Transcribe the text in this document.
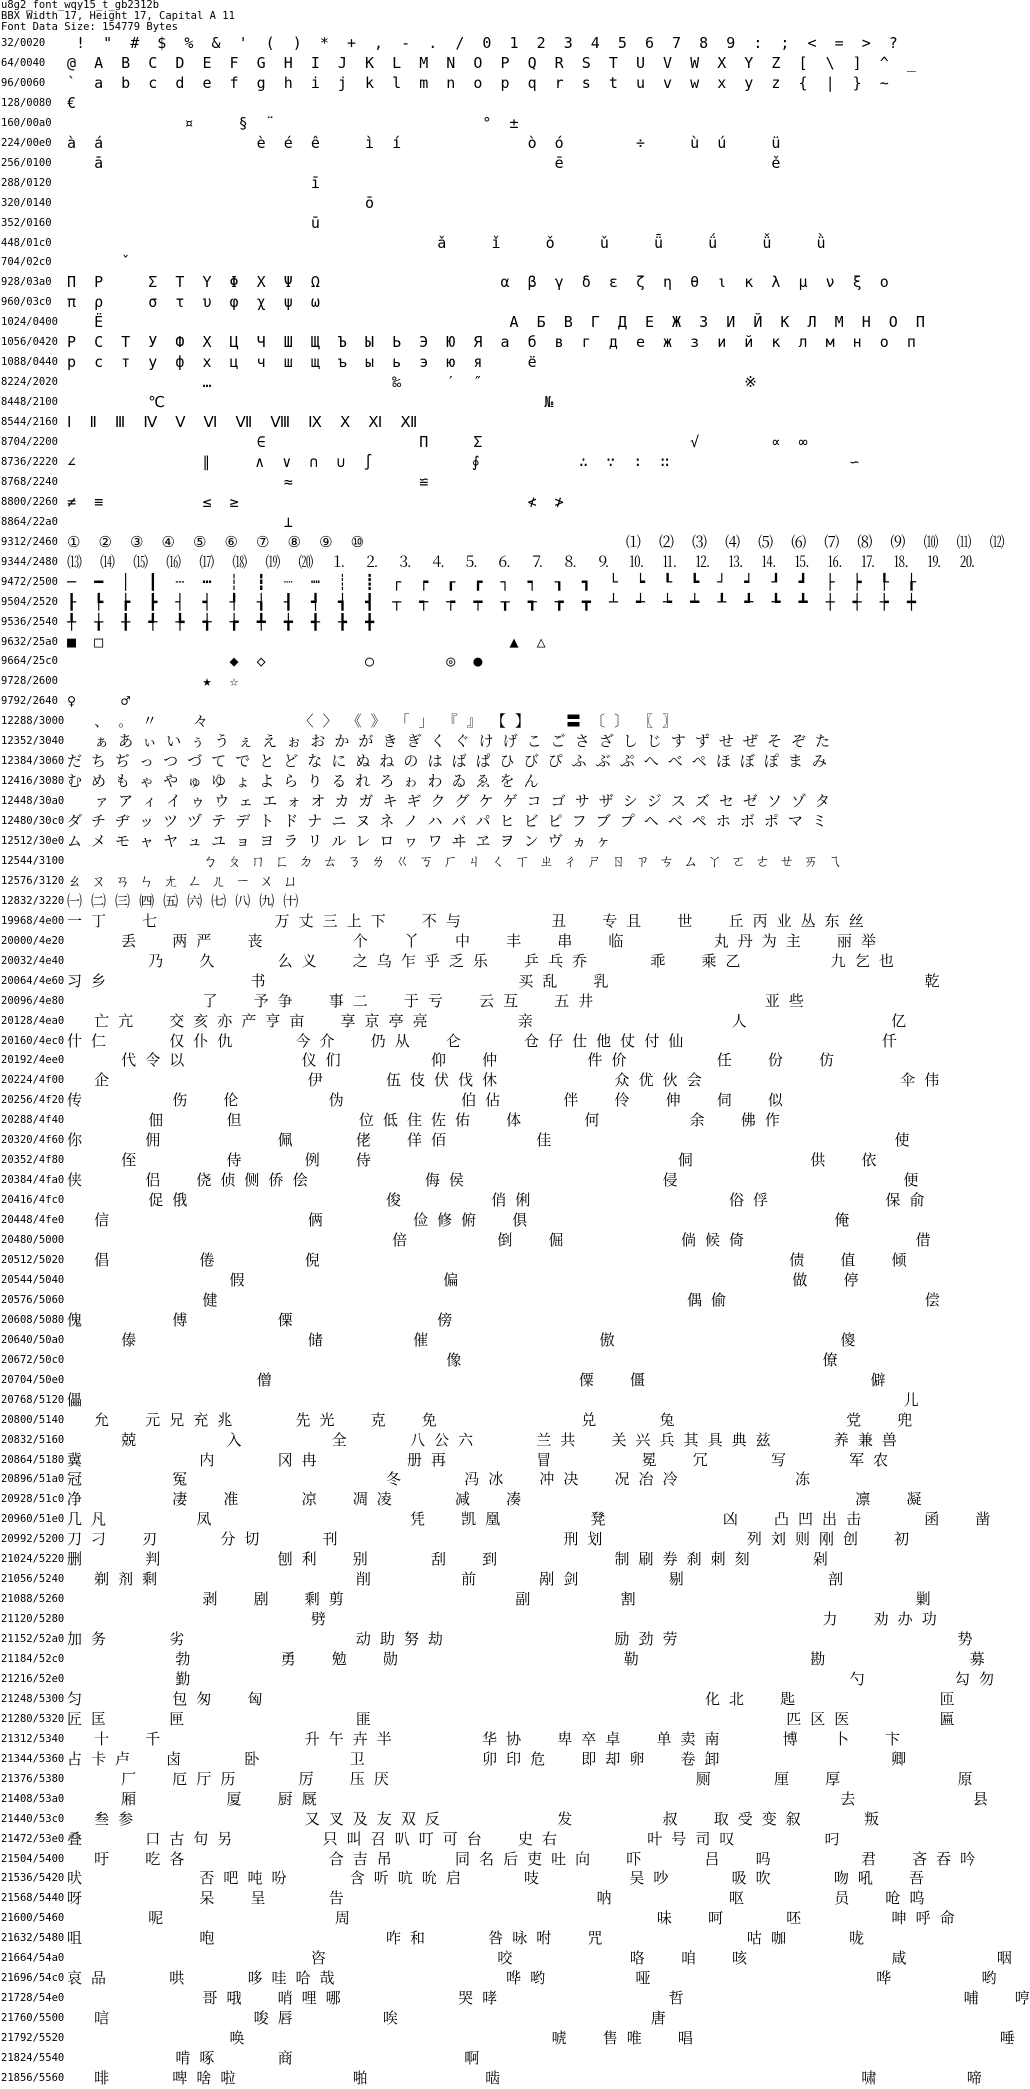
u8g2_font_wqy15_t_gb2312b
BBX Width 17, Height 17, Capital A 11
Font Data Size: 154779 Bytes
32/0020 !  "  #  $  %  &  '  (  )  *  +  ,  -  .  /  0  1  2  3  4  5  6  7  8  9  :  ;  <  =  >  ?
64/0040 @  A  B  C  D  E  F  G  H  I  J  K  L  M  N  O  P  Q  R  S  T  U  V  W  X  Y  Z  [  \  ]  ^  _
96/0060 `  a  b  c  d  e  f  g  h  i  j  k  l  m  n  o  p  q  r  s  t  u  v  w  x  y  z  {  |  }  ~
128/0080 €
160/00a0 ¤     §  ¨                       °  ±
224/00e0 à  á                 è  é  ê     ì  í              ò  ó        ÷     ù  ú     ü
256/0100 ā                                                  ē                       ě
288/0120 ī
320/0140 ō
352/0160 ū
448/01c0 ǎ     ǐ     ǒ     ǔ     ǖ     ǘ     ǚ     ǜ
704/02c0 ˇ
928/03a0 Π  Ρ     Σ  Τ  Υ  Φ  Χ  Ψ  Ω                    α  β  γ  δ  ε  ζ  η  θ  ι  κ  λ  μ  ν  ξ  ο
960/03c0 π  ρ     σ  τ  υ  φ  χ  ψ  ω
1024/0400 Ё                                             А  Б  В  Г  Д  Е  Ж  З  И  Й  К  Л  М  Н  О  П
1056/0420 Р  С  Т  У  Ф  Х  Ц  Ч  Ш  Щ  Ъ  Ы  Ь  Э  Ю  Я  а  б  в  г  д  е  ж  з  и  й  к  л  м  н  о  п
1088/0440 р  с  т  у  ф  х  ц  ч  ш  щ  ъ  ы  ь  э  ю  я     ё
8224/2020 …                    ‰     ′  ″                             ※
8448/2100 ℃                                          №
8544/2160 Ⅰ  Ⅱ  Ⅲ  Ⅳ  Ⅴ  Ⅵ  Ⅶ  Ⅷ  Ⅸ  Ⅹ  Ⅺ  Ⅻ
8704/2200 ∈                 Π     Σ                       √        ∝  ∞
8736/2220 ∠              ∥     ∧  ∨  ∩  ∪  ∫           ∮           ∴  ∵  ∶  ∷                    ∽
8768/2240 ≈              ≌
8800/2260 ≠  ≡           ≤  ≥                                ≮  ≯
8864/22a0 ⊥
9312/2460 ①  ②  ③  ④  ⑤  ⑥  ⑦  ⑧  ⑨  ⑩                             ⑴  ⑵  ⑶  ⑷  ⑸  ⑹  ⑺  ⑻  ⑼  ⑽  ⑾  ⑿
9344/2480 ⒀  ⒁  ⒂  ⒃  ⒄  ⒅  ⒆  ⒇  ⒈  ⒉  ⒊  ⒋  ⒌  ⒍  ⒎  ⒏  ⒐  ⒑  ⒒  ⒓  ⒔  ⒕  ⒖  ⒗  ⒘  ⒙  ⒚  ⒛
9472/2500 ─  ━  │  ┃  ┄  ┅  ┆  ┇  ┈  ┉  ┊  ┋  ┌  ┍  ┎  ┏  ┐  ┑  ┒  ┓  └  ┕  ┖  ┗  ┘  ┙  ┚  ┛  ├  ┝  ┞  ┟
9504/2520 ┠  ┡  ┢  ┣  ┤  ┥  ┦  ┧  ┨  ┩  ┪  ┫  ┬  ┭  ┮  ┯  ┰  ┱  ┲  ┳  ┴  ┵  ┶  ┷  ┸  ┹  ┺  ┻  ┼  ┽  ┾  ┿
9536/2540 ╀  ╁  ╂  ╃  ╄  ╅  ╆  ╇  ╈  ╉  ╊  ╋
9632/25a0 ■  □                                             ▲  △
9664/25c0 ◆  ◇           ○        ◎  ●
9728/2600 ★  ☆
9792/2640 ♀     ♂
12288/3000 、 。 〃    々          〈 〉 《 》 「 」 『 』 【 】    〓 〔 〕 〖 〗
12352/3040 ぁ あ ぃ い ぅ う ぇ え ぉ お か が き ぎ く ぐ け げ こ ご さ ざ し じ す ず せ ぜ そ ぞ た
12384/3060 だ ち ぢ っ つ づ て で と ど な に ぬ ね の は ば ぱ ひ び ぴ ふ ぶ ぷ へ べ ぺ ほ ぼ ぽ ま み
12416/3080 む め も ゃ や ゅ ゆ ょ よ ら り る れ ろ ゎ わ ゐ ゑ を ん
12448/30a0 ァ ア ィ イ ゥ ウ ェ エ ォ オ カ ガ キ ギ ク グ ケ ゲ コ ゴ サ ザ シ ジ ス ズ セ ゼ ソ ゾ タ
12480/30c0 ダ チ ヂ ッ ツ ヅ テ デ ト ド ナ ニ ヌ ネ ノ ハ バ パ ヒ ビ ピ フ ブ プ ヘ ベ ペ ホ ボ ポ マ ミ
12512/30e0 ム メ モ ャ ヤ ュ ユ ョ ヨ ラ リ ル レ ロ ヮ ワ ヰ ヱ ヲ ン ヴ ヵ ヶ
12544/3100 ㄅ ㄆ ㄇ ㄈ ㄉ ㄊ ㄋ ㄌ ㄍ ㄎ ㄏ ㄐ ㄑ ㄒ ㄓ ㄔ ㄕ ㄖ ㄗ ㄘ ㄙ ㄚ ㄛ ㄜ ㄝ ㄞ ㄟ
12576/3120 ㄠ ㄡ ㄢ ㄣ ㄤ ㄥ ㄦ ㄧ ㄨ ㄩ
12832/3220 ㈠ ㈡ ㈢ ㈣ ㈤ ㈥ ㈦ ㈧ ㈨ ㈩
19968/4e00 一 丁    七             万 丈 三 上 下    不 与          丑    专 且    世    丘 丙 业 丛 东 丝
20000/4e20 丢    两 严    丧          个    丫    中    丰    串    临          丸 丹 为 主    丽 举
20032/4e40 乃    久       么 义    之 乌 乍 乎 乏 乐    乒 乓 乔       乖    乘 乙          九 乞 也
20064/4e60 习 乡                书                            买 乱    乳                                   乾
20096/4e80 了    予 争    事 二    于 亏    云 互    五 井                   亚 些
20128/4ea0 亡 亢    交 亥 亦 产 亨 亩    享 京 亭 亮          亲                      人                亿
20160/4ec0 什 仁       仅 仆 仇       今 介    仍 从    仑       仓 仔 仕 他 仗 付 仙                      仟
20192/4ee0 代 令 以             仪 们          仰    仲          件 价          任    份    仿
20224/4f00 企                      伊       伍 伎 伏 伐 休             众 优 伙 会                      伞 伟
20256/4f20 传          伤    伦          伪             伯 佔       伴    伶    伸    伺    似
20288/4f40 佃       但             位 低 住 佐 佑    体       何          余    佛 作
20320/4f60 你       佣             佩       佬    佯 佰          佳                                      使
20352/4f80 侄          侍       例    侍                                  侗             供    依
20384/4fa0 侠       侣    侥 侦 侧 侨 侩             侮 侯                      侵                         便
20416/4fc0 促 俄                      俊          俏 俐                      俗 俘             保 俞
20448/4fe0 信                      俩          俭 修 俯    俱                                  俺
20480/5000 倍          倒    倔             倘 候 倚                   借
20512/5020 倡          倦          倪                                                    债    值    倾
20544/5040 假                      偏                                     做    停
20576/5060 健                                                    偶 偷                      偿
20608/5080 傀          傅          傈                傍
20640/50a0 傣                   储          催                   傲                         傻
20672/50c0 像                                        僚
20704/50e0 僧                                  僳    僵                         僻
20768/5120 儡                                                                                           儿
20800/5140 允    元 兄 充 兆       先 光    克    免                兑       兔                   党    兜
20832/5160 兢          入          全       八 公 六       兰 共    关 兴 兵 其 具 典 兹       养 兼 兽
20864/5180 冀             内       冈 冉          册 再          冒          冕    冗       写       军 农
20896/51a0 冠          冤                      冬       冯 冰    冲 决    况 冶 冷             冻
20928/51c0 净          凄    准       凉    凋 凌       减    凑                                     凛    凝
20960/51e0 几 凡          凤                      凭    凯 凰          凳             凶    凸 凹 出 击       函    凿
20992/5200 刀 刁    刃       分 切       刊                         刑 划                列 刘 则 刚 创    初
21024/5220 删       判             刨 利    别       刮    到             制 刷 券 刹 刺 刻       剁
21056/5240 剃 剂 剩                      削          前       剐 剑          剔                剖
21088/5260 剥    剧    剩 剪                   副          割                               剿
21120/5280 劈                                                       力    劝 办 功
21152/52a0 加 务       劣                   动 助 努 劫                   励 劲 劳                               势
21184/52c0 勃          勇    勉    勋                         勒                   勘                募
21216/52e0 勤                                                                         勺          勾 勿
21248/5300 匀          包 匆    匈                                                 化 北    匙                匝
21280/5320 匠 匡       匣                   匪                                              匹 区 医          匾
21312/5340 十    千                升 午 卉 半          华 协    卑 卒 卓    单 卖 南       博    卜    卞
21344/5360 占 卡 卢    卤       卧          卫             卯 印 危    即 却 卵    卷 卸                   卿
21376/5380 厂    厄 厅 历       厉    压 厌                                  厕       厘    厚             原
21408/53a0 厢          厦    厨 厩                                                          去             县
21440/53c0 叁 参                   又 叉 及 友 双 反             发          叔    取 受 变 叙       叛
21472/53e0 叠       口 古 句 另          只 叫 召 叭 叮 可 台    史 右          叶 号 司 叹          叼
21504/5400 吁    吃 各                合 吉 吊       同 名 后 吏 吐 向    吓       吕    吗          君    吝 吞 吟
21536/5420 吠             否 吧 吨 吩       含 听 吭 吮 启       吱          吴 吵       吸 吹       吻 吼    吾
21568/5440 呀             呆    呈       告                            呐             呕          员    呛 呜
21600/5460 呢                   周                                  味    呵       呸          呻 呼 命
21632/5480 咀             咆                   咋 和       咎 咏 咐    咒                咕 咖       咙
21664/54a0 咨                   咬             咯    咱    咳                咸          咽
21696/54c0 哀 品       哄       哆 哇 哈 哉                   哗 哟          哑                         哗          哟
21728/54e0 哥 哦    哨 哩 哪             哭 哮                   哲                               哺    哼
21760/5500 唁                唆 唇          唉                            唐
21792/5520 唤                                  唬    售 唯    唱                                  唾
21824/5540 啃 啄       商                   啊
21856/5560 啡       啤 啥 啦             啪             啮                                        啸          啼
